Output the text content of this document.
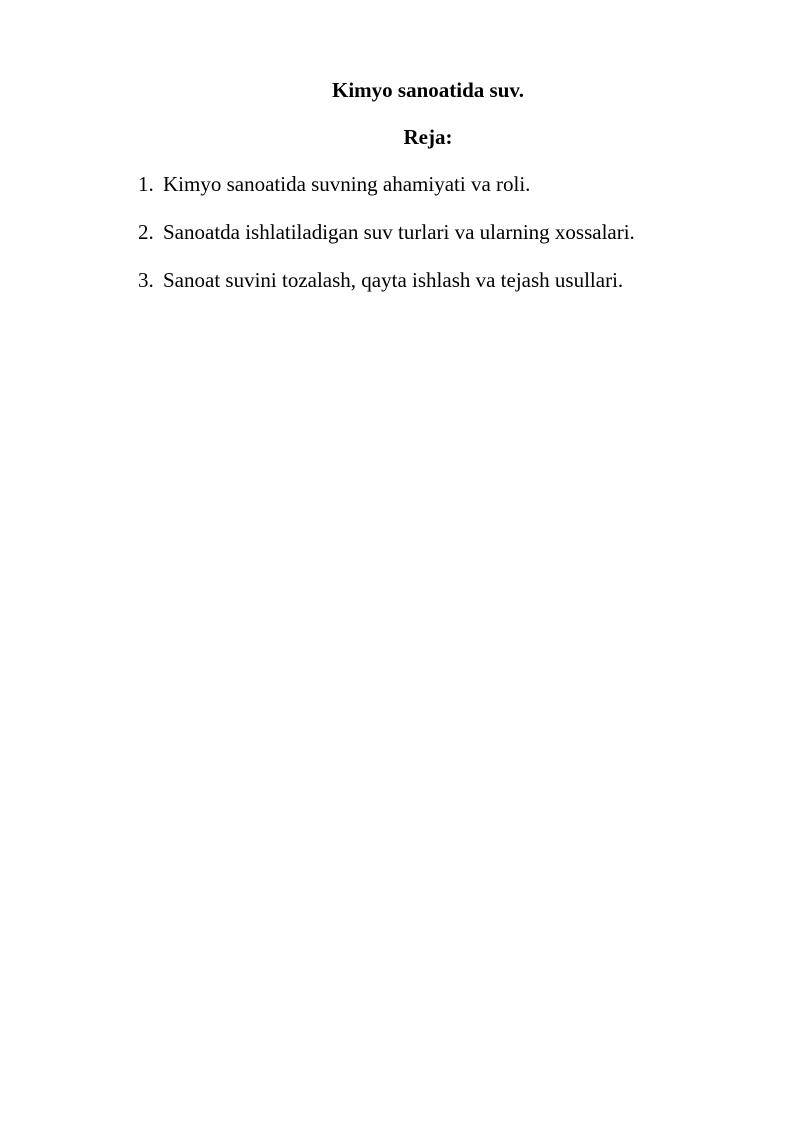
Kimyo sanoatida suv.
Reja:
1. Kimyo sanoatida suvning ahamiyati va roli.
2. Sanoatda ishlatiladigan suv turlari va ularning xossalari.
3. Sanoat suvini tozalash, qayta ishlash va tejash usullari.
